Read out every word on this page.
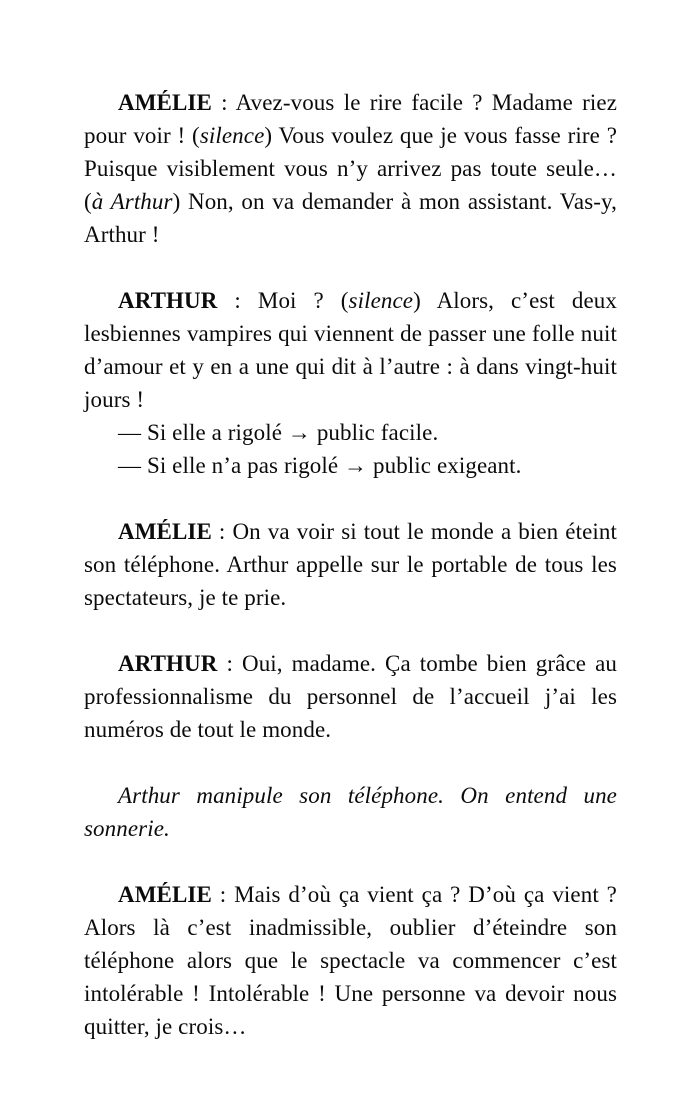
AMÉLIE : Avez-vous le rire facile ? Madame riez pour voir ! (silence) Vous voulez que je vous fasse rire ? Puisque visiblement vous n’y arrivez pas toute seule… (à Arthur) Non, on va demander à mon assistant. Vas-y, Arthur !

ARTHUR : Moi ? (silence) Alors, c’est deux lesbiennes vampires qui viennent de passer une folle nuit d’amour et y en a une qui dit à l’autre : à dans vingt-huit jours !

— Si elle a rigolé → public facile.

— Si elle n’a pas rigolé → public exigeant.

AMÉLIE : On va voir si tout le monde a bien éteint son téléphone. Arthur appelle sur le portable de tous les spectateurs, je te prie.

ARTHUR : Oui, madame. Ça tombe bien grâce au professionnalisme du personnel de l’accueil j’ai les numéros de tout le monde.

Arthur manipule son téléphone. On entend une sonnerie.

AMÉLIE : Mais d’où ça vient ça ? D’où ça vient ? Alors là c’est inadmissible, oublier d’éteindre son téléphone alors que le spectacle va commencer c’est intolérable ! Intolérable ! Une personne va devoir nous quitter, je crois…
